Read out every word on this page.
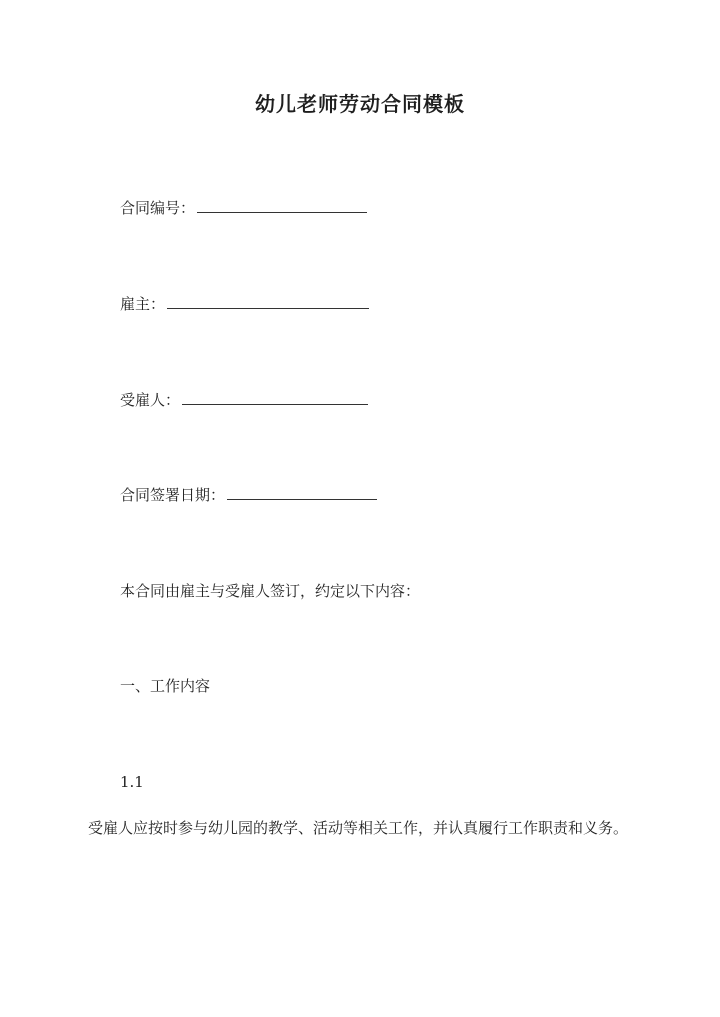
幼儿老师劳动合同模板
合同编号：
雇主：
受雇人：
合同签署日期：
本合同由雇主与受雇人签订，约定以下内容：
一、工作内容
1.1
受雇人应按时参与幼儿园的教学、活动等相关工作，并认真履行工作职责和义务。
